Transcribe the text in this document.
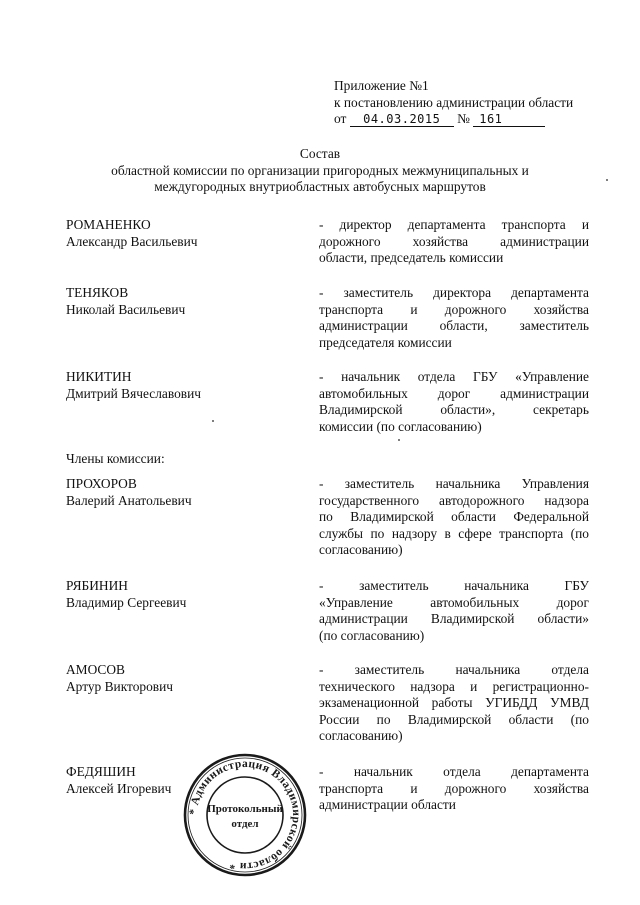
Приложение №1
к постановлению администрации области
от 04.03.2015 № 161
Состав
областной комиссии по организации пригородных межмуниципальных и
междугородных внутриобластных автобусных маршрутов
РОМАНЕНКО
Александр Васильевич
- директор департамента транспорта и
дорожного хозяйства администрации
области, председатель комиссии
ТЕНЯКОВ
Николай Васильевич
- заместитель директора департамента
транспорта и дорожного хозяйства
администрации области, заместитель
председателя комиссии
НИКИТИН
Дмитрий Вячеславович
- начальник отдела ГБУ «Управление
автомобильных дорог администрации
Владимирской области», секретарь
комиссии (по согласованию)
Члены комиссии:
ПРОХОРОВ
Валерий Анатольевич
- заместитель начальника Управления
государственного автодорожного надзора
по Владимирской области Федеральной
службы по надзору в сфере транспорта (по
согласованию)
РЯБИНИН
Владимир Сергеевич
- заместитель начальника ГБУ
«Управление автомобильных дорог
администрации Владимирской области»
(по согласованию)
АМОСОВ
Артур Викторович
- заместитель начальника отдела
технического надзора и регистрационно-
экзаменационной работы УГИБДД УМВД
России по Владимирской области (по
согласованию)
ФЕДЯШИН
Алексей Игоревич
- начальник отдела департамента
транспорта и дорожного хозяйства
администрации области
* Администрация Владимирской области *
Протокольный
отдел
